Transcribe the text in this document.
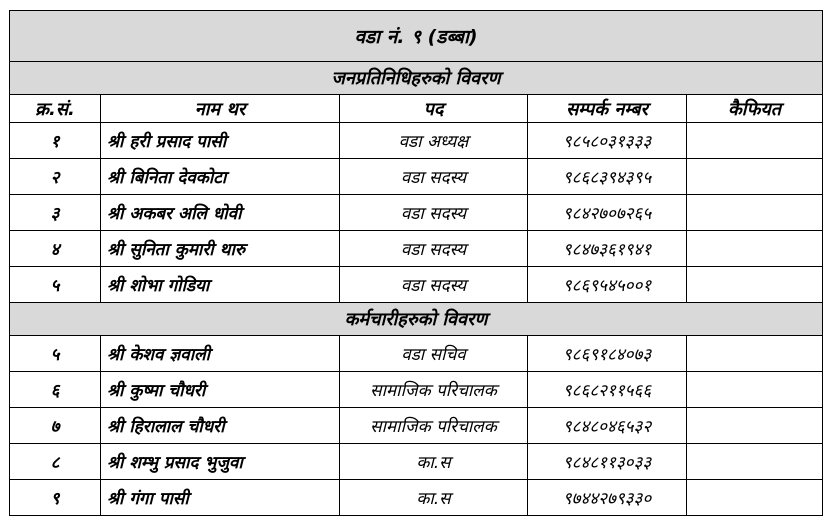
वडा नं. ९ (डब्बा)				
जनप्रतिनिधिहरुको विवरण				
क्र.सं.	नाम थर	पद	सम्पर्क नम्बर	कैफियत
१	श्री हरी प्रसाद पासी	वडा अध्यक्ष	९८५८०३१३३३	
२	श्री बिनिता देवकोटा	वडा सदस्य	९८६८३९४३९५	
३	श्री अकबर अलि धोवी	वडा सदस्य	९८४२७०७२६५	
४	श्री सुनिता कुमारी थारु	वडा सदस्य	९८४७३६१९४१	
५	श्री शोभा गोडिया	वडा सदस्य	९८६९५४५००१	
कर्मचारीहरुको विवरण				
५	श्री केशव ज्ञवाली	वडा सचिव	९८६९१८४०७३	
६	श्री कुष्मा चौधरी	सामाजिक परिचालक	९८६८२११५६६	
७	श्री हिरालाल चौधरी	सामाजिक परिचालक	९८४८०४६५३२	
८	श्री शम्भु प्रसाद भुजुवा	का.स	९८४८११३०३३	
९	श्री गंगा पासी	का.स	९७४४२७९३३०	
